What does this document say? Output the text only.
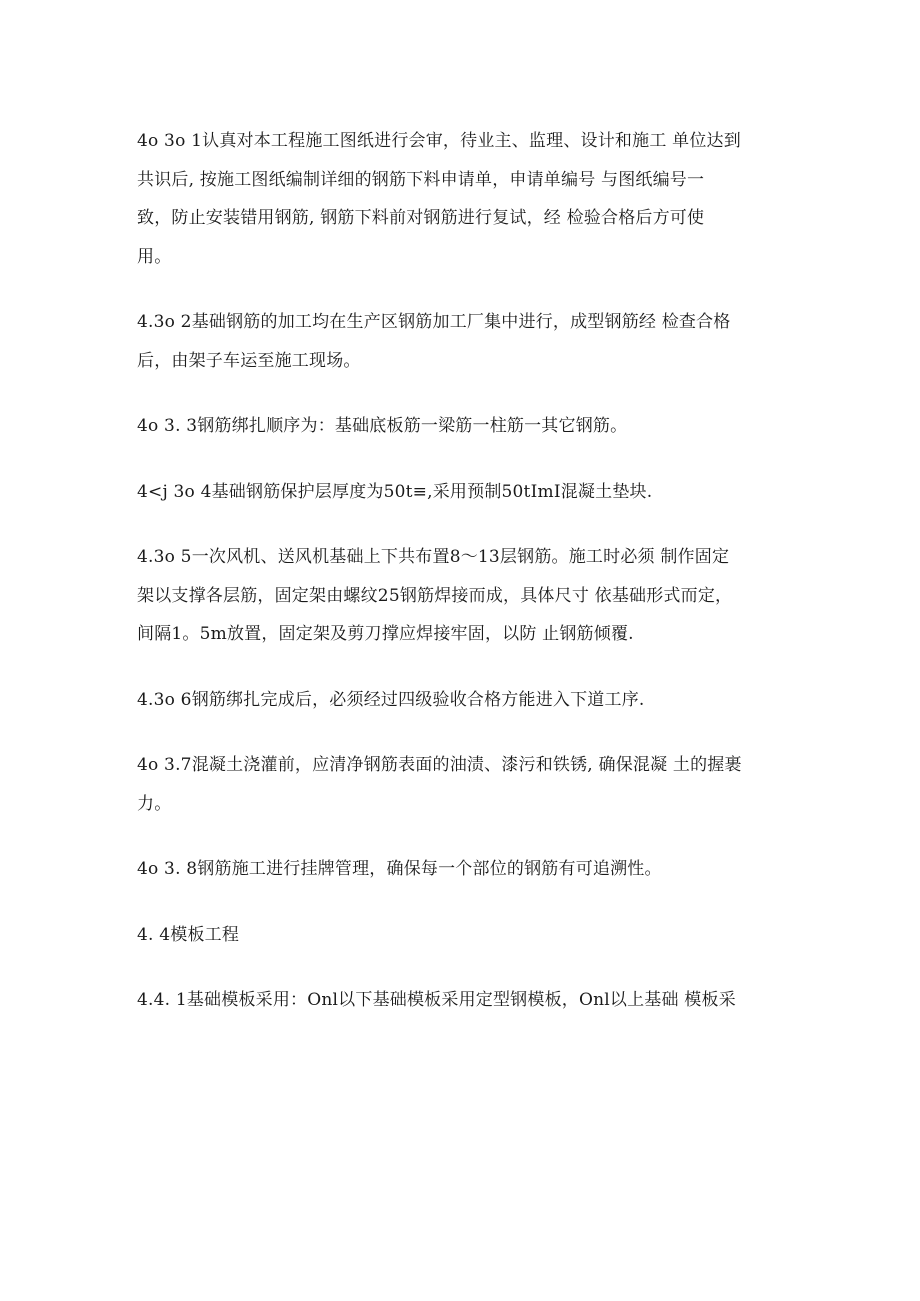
4o 3o 1认真对本工程施工图纸进行会审，待业主、监理、设计和施工 单位达到
共识后, 按施工图纸编制详细的钢筋下料申请单，申请单编号 与图纸编号一
致，防止安装错用钢筋, 钢筋下料前对钢筋进行复试，经 检验合格后方可使
用。

4.3o 2基础钢筋的加工均在生产区钢筋加工厂集中进行，成型钢筋经 检查合格
后，由架子车运至施工现场。

4o 3. 3钢筋绑扎顺序为：基础底板筋一梁筋一柱筋一其它钢筋。

4<j 3o 4基础钢筋保护层厚度为50t≡,采用预制50tImI混凝土垫块.

4.3o 5一次风机、送风机基础上下共布置8～13层钢筋。施工时必须 制作固定
架以支撑各层筋，固定架由螺纹25钢筋焊接而成，具体尺寸 依基础形式而定，
间隔1。5m放置，固定架及剪刀撑应焊接牢固，以防 止钢筋倾覆.

4.3o 6钢筋绑扎完成后，必须经过四级验收合格方能进入下道工序.

4o 3.7混凝土浇灌前，应清净钢筋表面的油渍、漆污和铁锈, 确保混凝 土的握裹
力。

4o 3. 8钢筋施工进行挂牌管理，确保每一个部位的钢筋有可追溯性。

4. 4模板工程

4.4. 1基础模板采用：Onl以下基础模板采用定型钢模板，Onl以上基础 模板采
